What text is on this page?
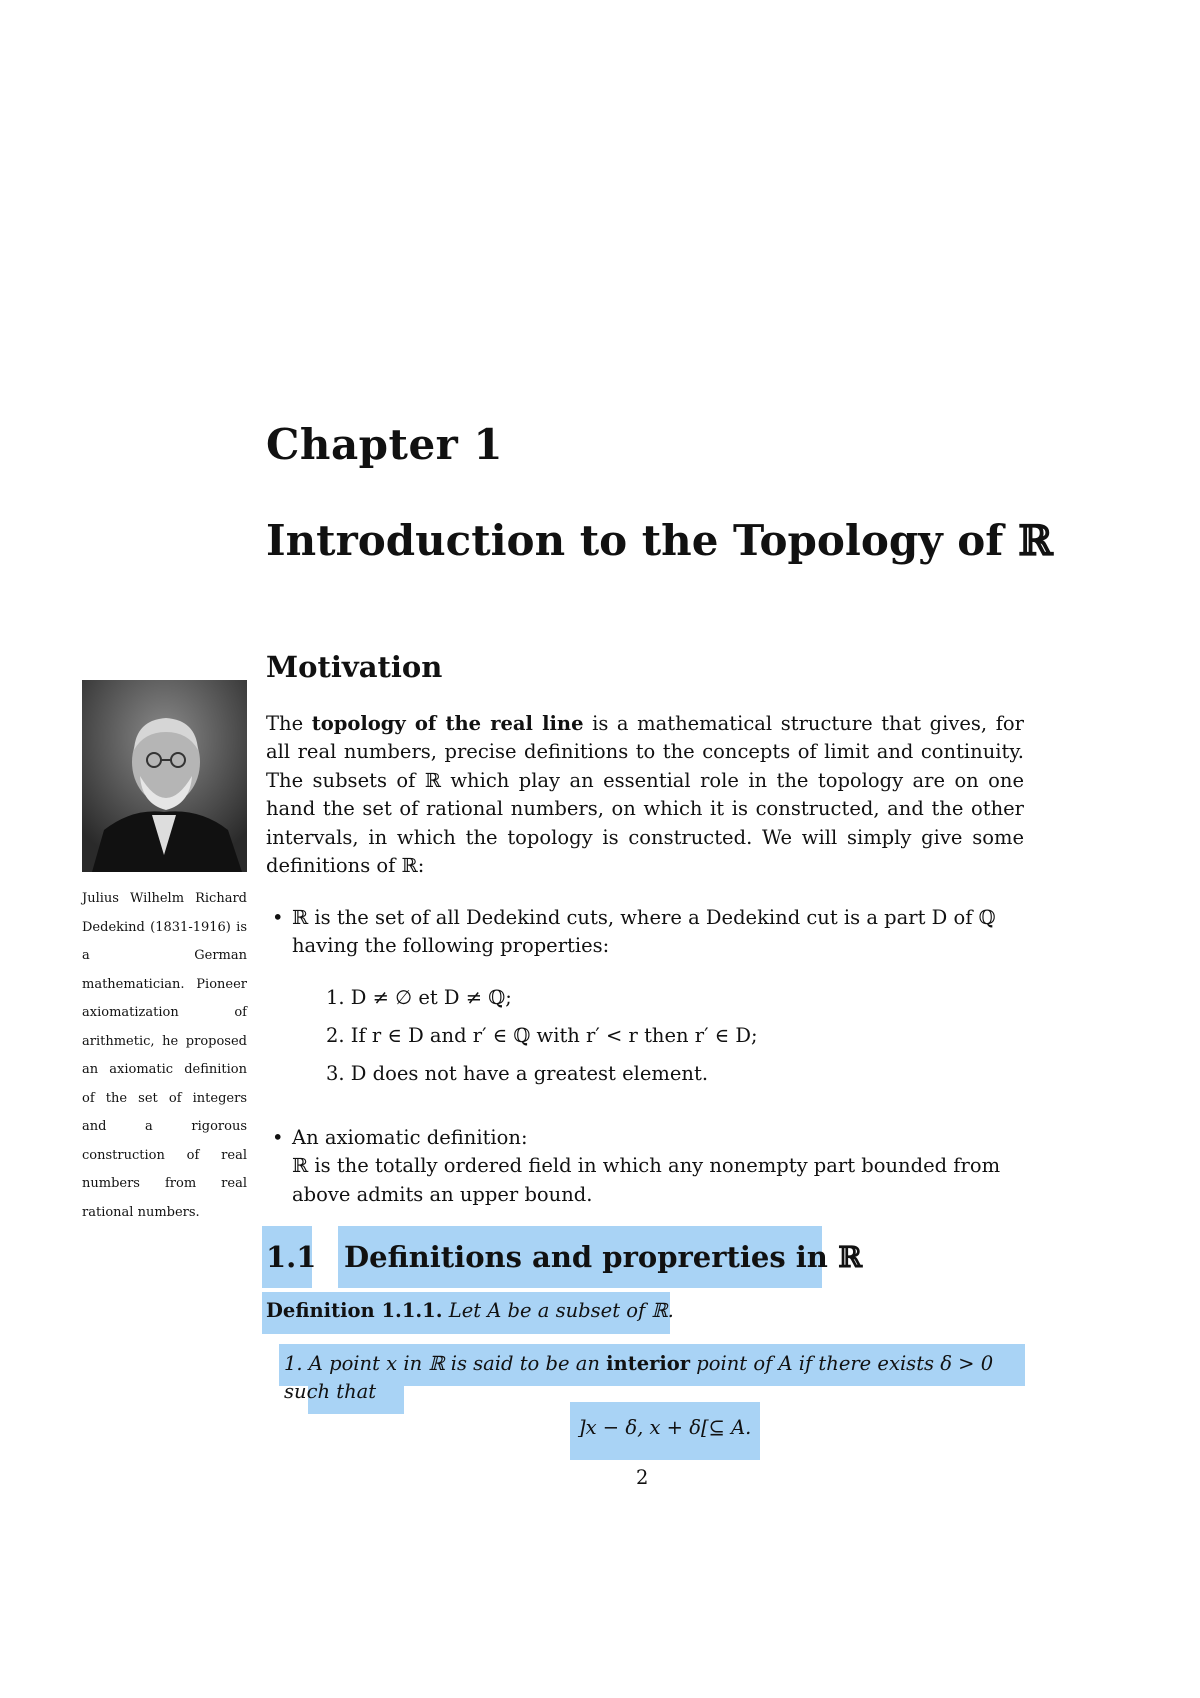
Chapter 1
Introduction to the Topology of ℝ
Julius Wilhelm Richard Dedekind (1831-1916) is a German mathematician. Pioneer axiomatization of arithmetic, he proposed an axiomatic definition of the set of integers and a rigorous construction of real numbers from real rational numbers.
Motivation
The topology of the real line is a mathematical structure that gives, for all real numbers, precise definitions to the concepts of limit and continuity. The subsets of ℝ which play an essential role in the topology are on one hand the set of rational numbers, on which it is constructed, and the other intervals, in which the topology is constructed. We will simply give some definitions of ℝ:
• ℝ is the set of all Dedekind cuts, where a Dedekind cut is a part D of ℚ having the following properties:
1. D ≠ ∅ et D ≠ ℚ;
2. If r ∈ D and r′ ∈ ℚ with r′ < r then r′ ∈ D;
3. D does not have a greatest element.
• An axiomatic definition:
ℝ is the totally ordered field in which any nonempty part bounded from above admits an upper bound.
1.1 Definitions and proprerties in ℝ
Definition 1.1.1. Let A be a subset of ℝ.
1. A point x in ℝ is said to be an interior point of A if there exists δ > 0 such that
]x − δ, x + δ[⊆ A.
2
